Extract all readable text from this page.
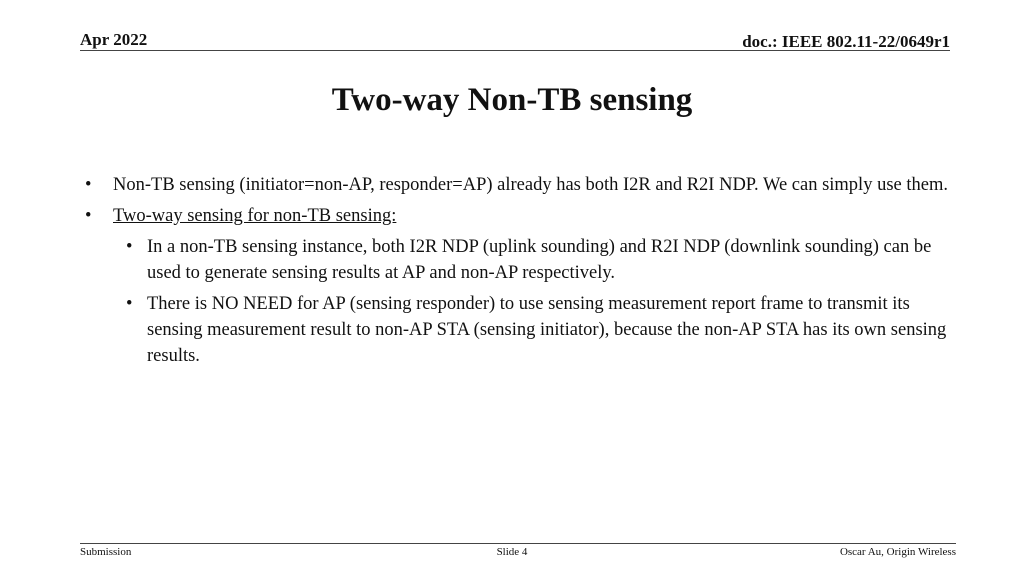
Apr 2022	doc.: IEEE 802.11-22/0649r1
Two-way Non-TB sensing
• Non-TB sensing (initiator=non-AP, responder=AP) already has both I2R and R2I NDP. We can simply use them.
• Two-way sensing for non-TB sensing:
• In a non-TB sensing instance, both I2R NDP (uplink sounding) and R2I NDP (downlink sounding) can be used to generate sensing results at AP and non-AP respectively.
• There is NO NEED for AP (sensing responder) to use sensing measurement report frame to transmit its sensing measurement result to non-AP STA (sensing initiator), because the non-AP STA has its own sensing results.
Submission	Slide 4	Oscar Au, Origin Wireless
